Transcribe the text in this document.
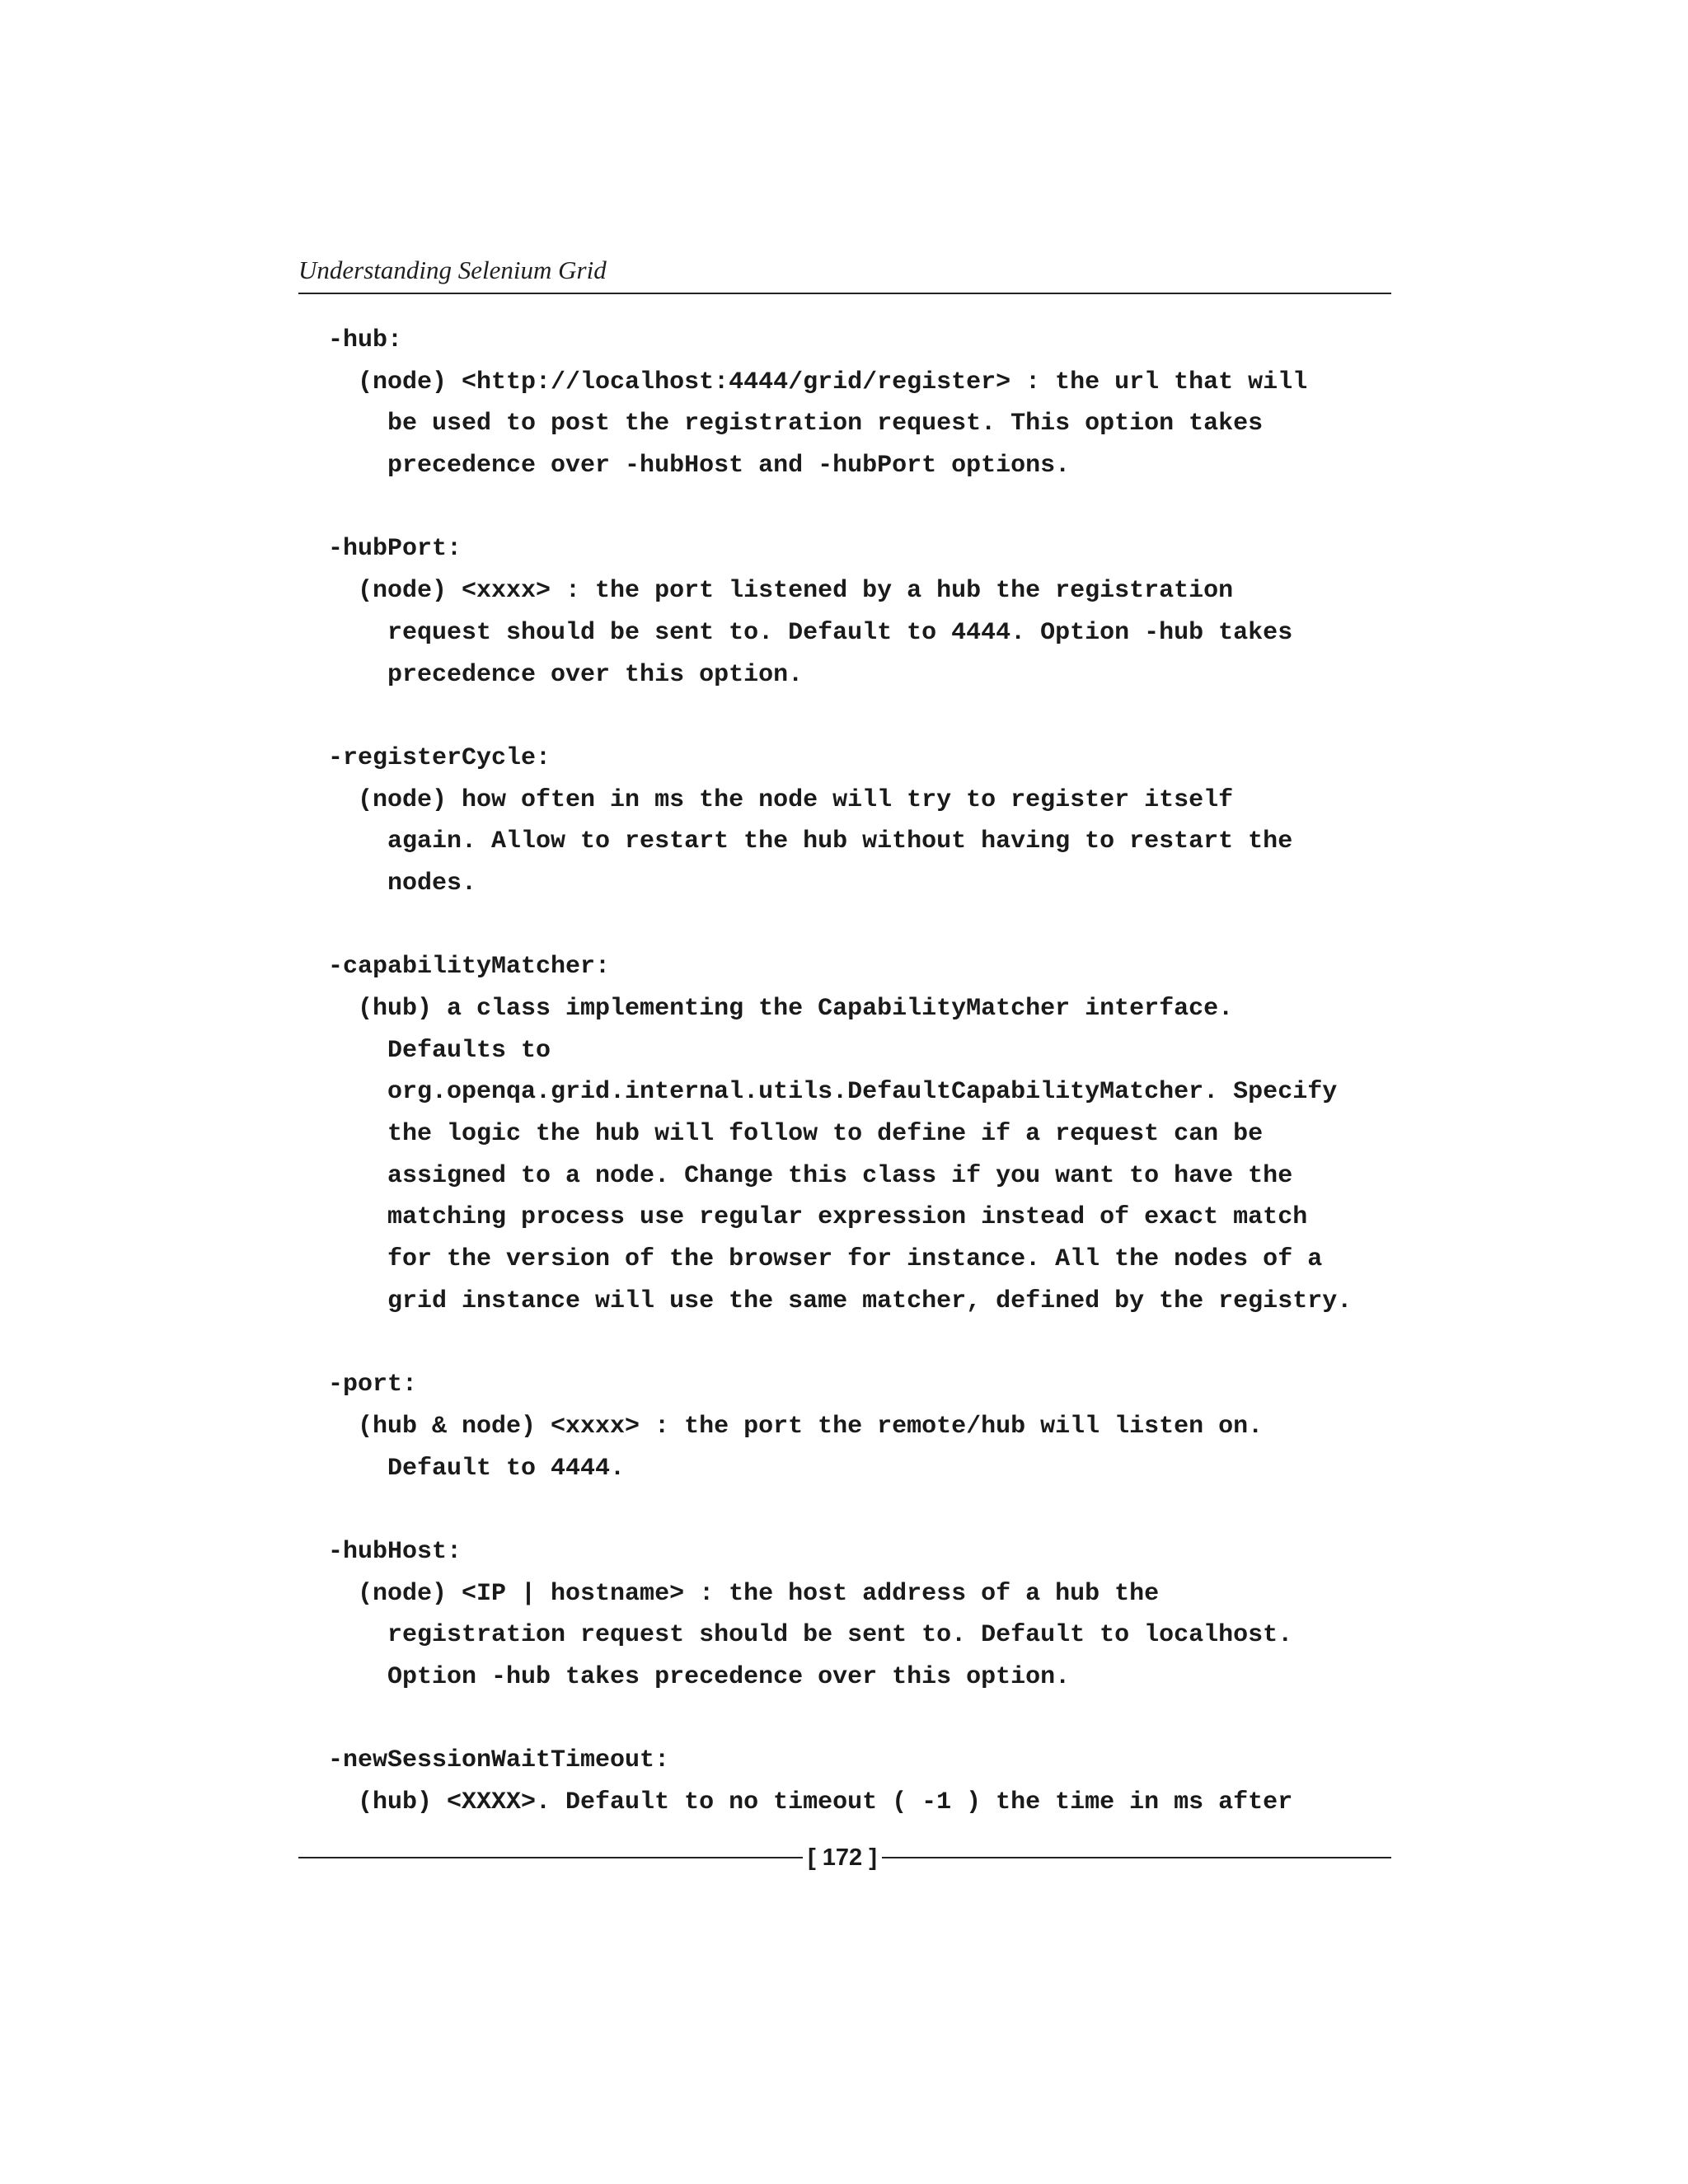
Understanding Selenium Grid
-hub:
(node) <http://localhost:4444/grid/register> : the url that will
be used to post the registration request. This option takes
precedence over -hubHost and -hubPort options.
-hubPort:
(node) <xxxx> : the port listened by a hub the registration
request should be sent to. Default to 4444. Option -hub takes
precedence over this option.
-registerCycle:
(node) how often in ms the node will try to register itself
again. Allow to restart the hub without having to restart the
nodes.
-capabilityMatcher:
(hub) a class implementing the CapabilityMatcher interface.
Defaults to
org.openqa.grid.internal.utils.DefaultCapabilityMatcher. Specify
the logic the hub will follow to define if a request can be
assigned to a node. Change this class if you want to have the
matching process use regular expression instead of exact match
for the version of the browser for instance. All the nodes of a
grid instance will use the same matcher, defined by the registry.
-port:
(hub & node) <xxxx> : the port the remote/hub will listen on.
Default to 4444.
-hubHost:
(node) <IP | hostname> : the host address of a hub the
registration request should be sent to. Default to localhost.
Option -hub takes precedence over this option.
-newSessionWaitTimeout:
(hub) <XXXX>. Default to no timeout ( -1 ) the time in ms after
[ 172 ]
